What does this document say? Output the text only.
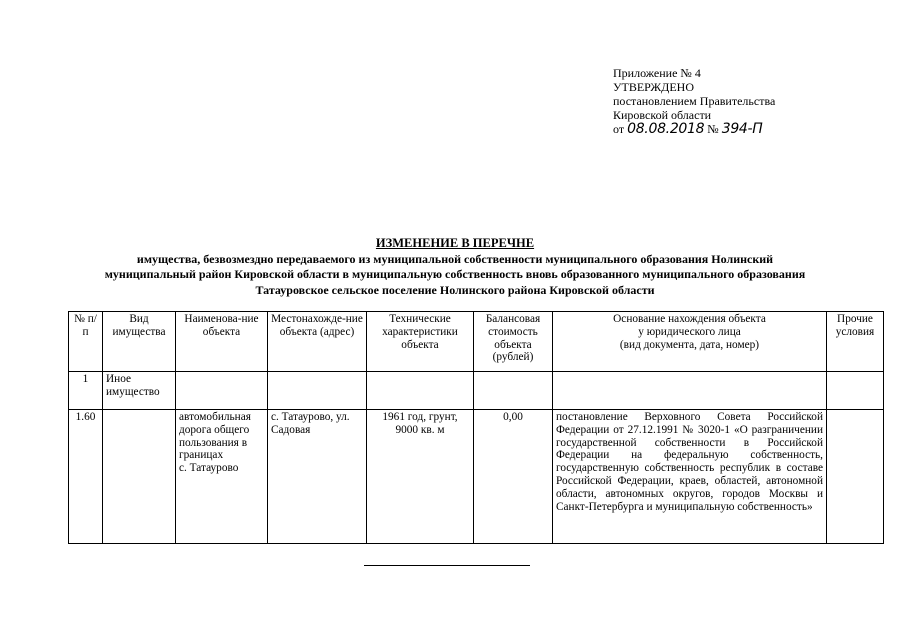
Приложение № 4
УТВЕРЖДЕНО
постановлением Правительства
Кировской области
от 08.08.2018 № 394-П
ИЗМЕНЕНИЕ В ПЕРЕЧНЕ
имущества, безвозмездно передаваемого из муниципальной собственности муниципального образования Нолинский
муниципальный район Кировской области в муниципальную собственность вновь образованного муниципального образования
Татауровское сельское поселение Нолинского района Кировской области
№ п/п	Вид имущества	Наименова-ние объекта	Местонахожде-ние объекта (адрес)	Технические характеристики объекта	Балансовая стоимость объекта (рублей)	Основание нахождения объекта
у юридического лица
(вид документа, дата, номер)	Прочие условия
1	Иное имущество						
1.60		автомобильная дорога общего пользования в границах
с. Татаурово	с. Татаурово, ул. Садовая	1961 год, грунт, 9000 кв. м	0,00	постановление Верховного Совета Российской Федерации от 27.12.1991 № 3020-1 «О разграничении государственной собственности в Российской Федерации на федеральную собственность, государственную собственность республик в составе Российской Федерации, краев, областей, автономной области, автономных округов, городов Москвы и Санкт-Петербурга и муниципальную собственность»	
